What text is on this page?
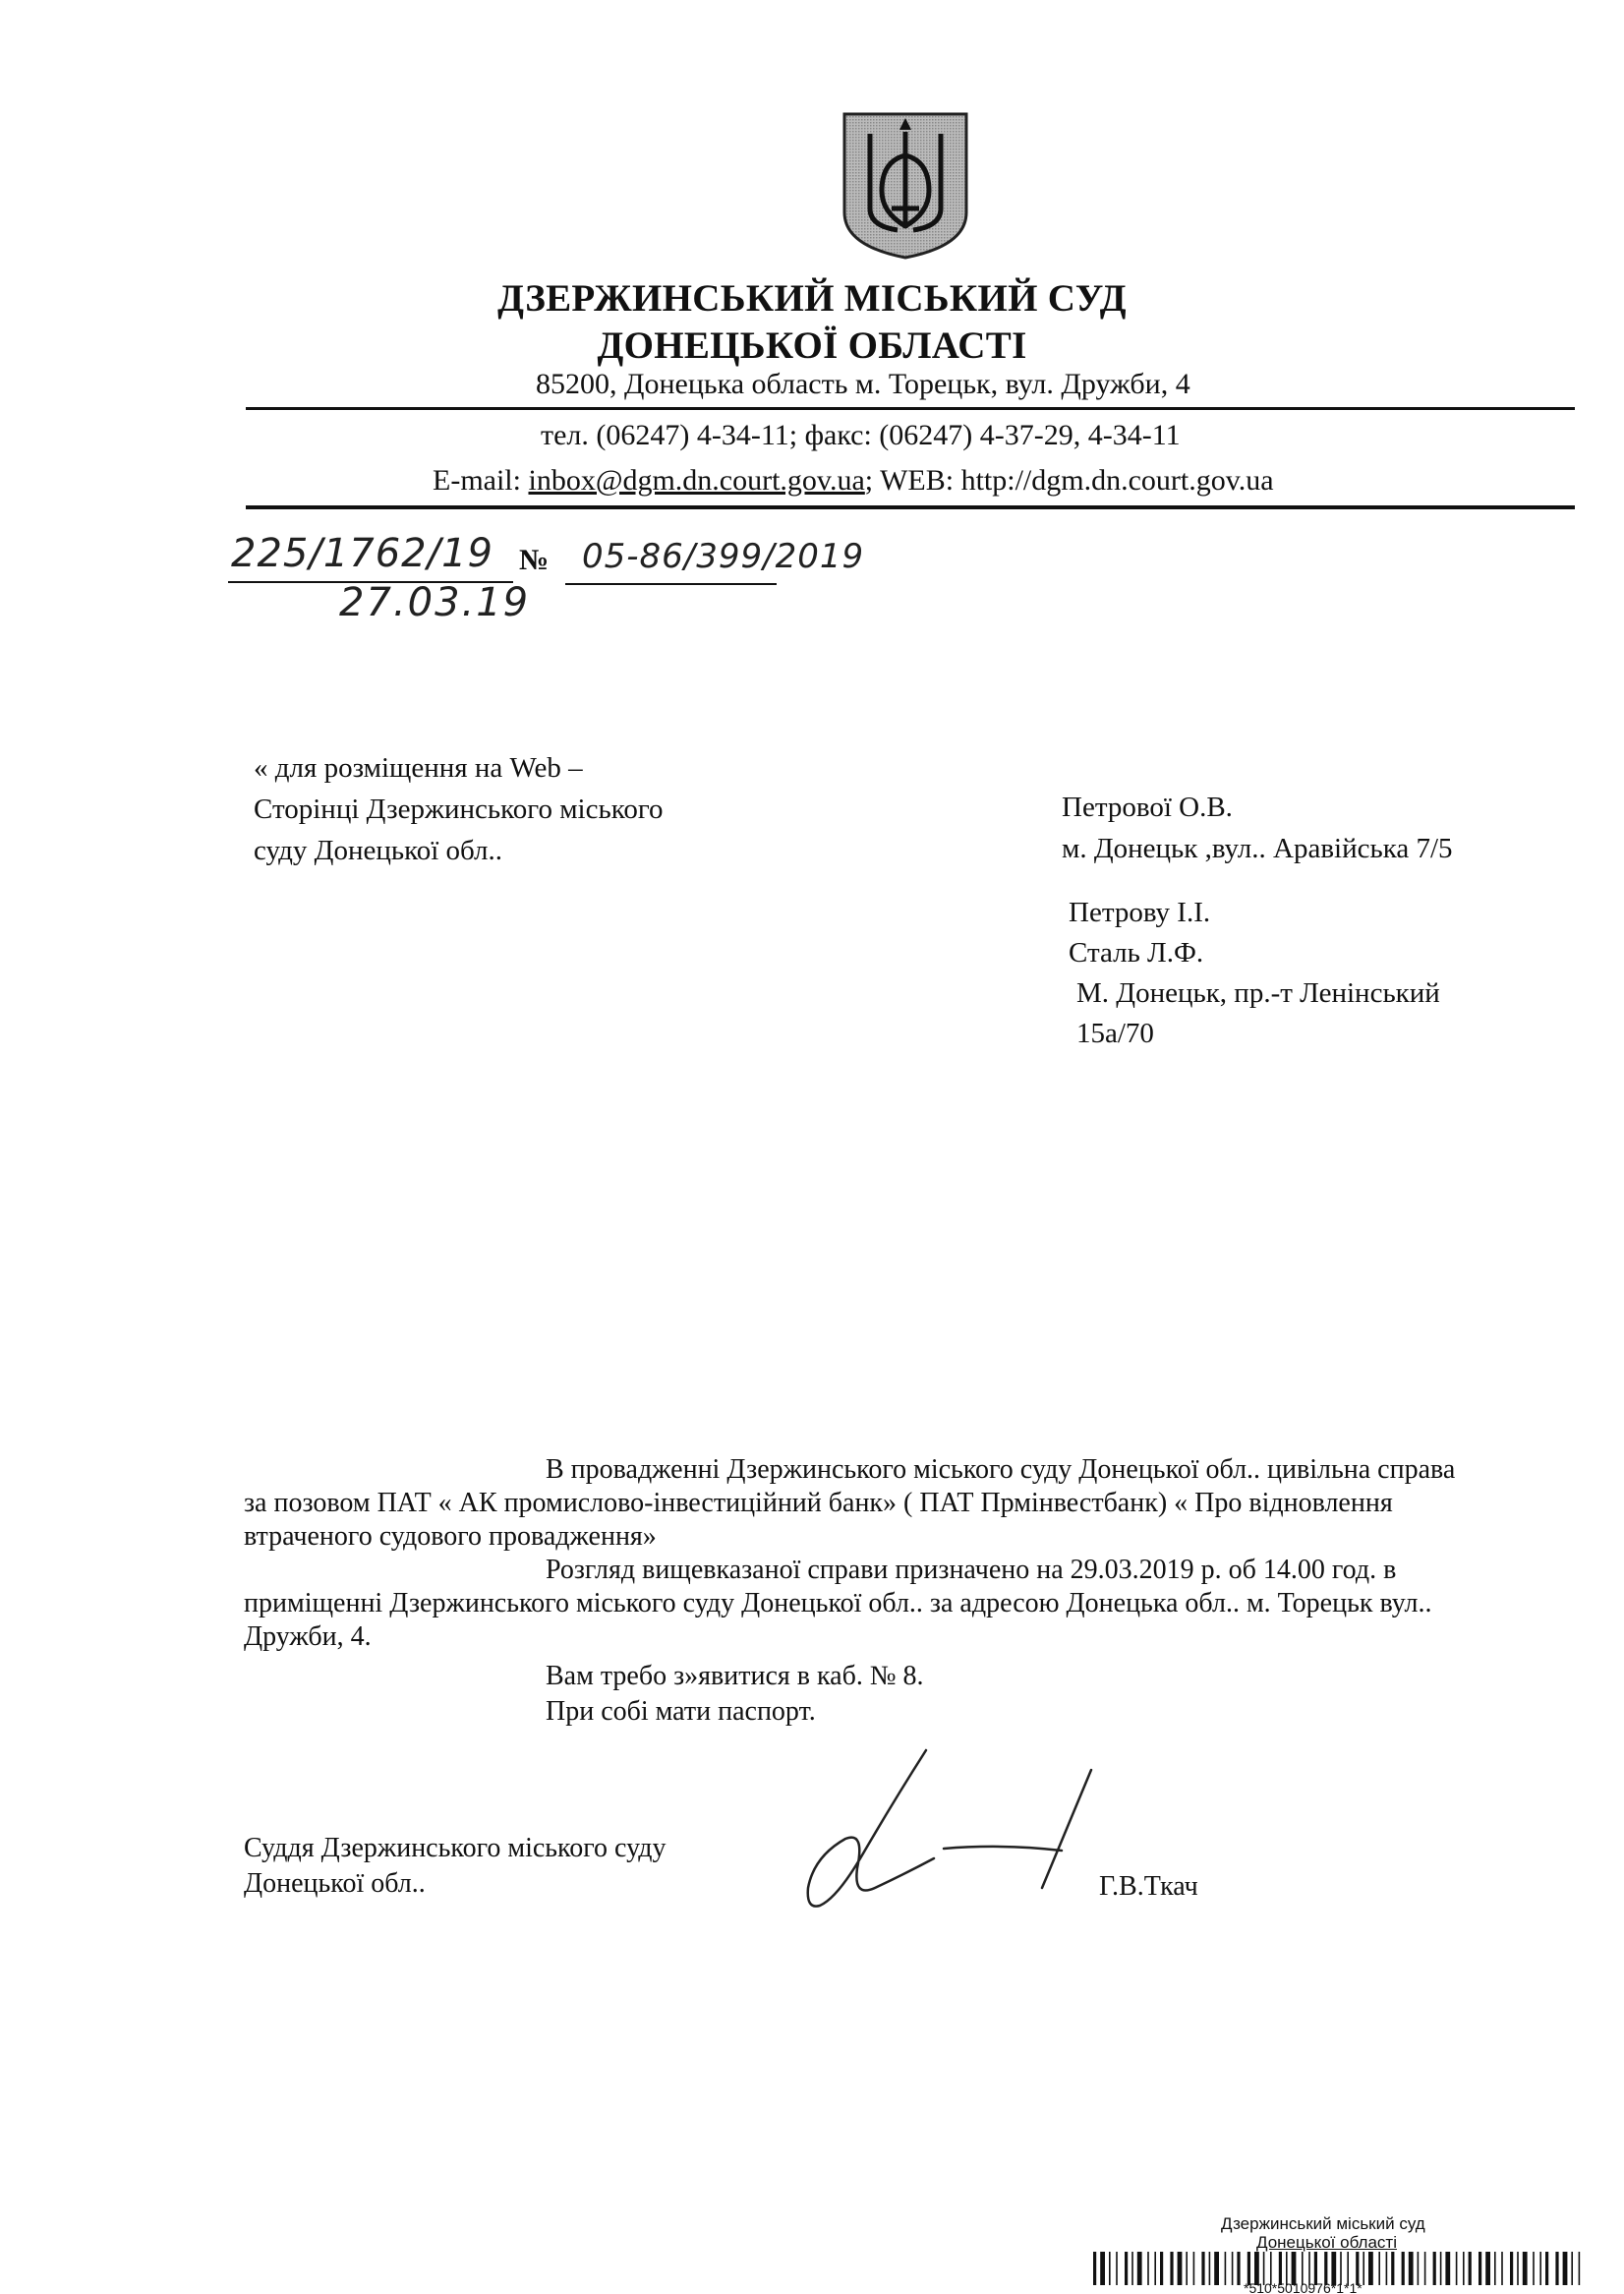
ДЗЕРЖИНСЬКИЙ МІСЬКИЙ СУД
ДОНЕЦЬКОЇ ОБЛАСТІ
85200, Донецька область м. Торецьк, вул. Дружби, 4
тел. (06247) 4-34-11; факс: (06247) 4-37-29, 4-34-11
E-mail: inbox@dgm.dn.court.gov.ua; WEB: http://dgm.dn.court.gov.ua
225/1762/19 № 05-86/399/2019
27.03.19
« для розміщення на Web –
Сторінці Дзержинського міського
суду Донецької обл..
Петрової О.В.
м. Донецьк ,вул.. Аравійська 7/5
Петрову І.І.
Сталь Л.Ф.
М. Донецьк, пр.-т Ленінський
15а/70
В провадженні Дзержинського міського суду Донецької обл.. цивільна справа
за позовом ПАТ « АК промислово-інвестиційний банк» ( ПАТ Прмінвестбанк) « Про відновлення
втраченого судового провадження»
Розгляд вищевказаної справи призначено на 29.03.2019 р. об 14.00 год. в
приміщенні Дзержинського міського суду Донецької обл.. за адресою Донецька обл.. м. Торецьк вул..
Дружби, 4.
Вам требо з»явитися в каб. № 8.
При собі мати паспорт.
Суддя Дзержинського міського суду
Донецької обл..	Г.В.Ткач
Дзержинський міський суд
Донецької області
*510*5010976*1*1*
